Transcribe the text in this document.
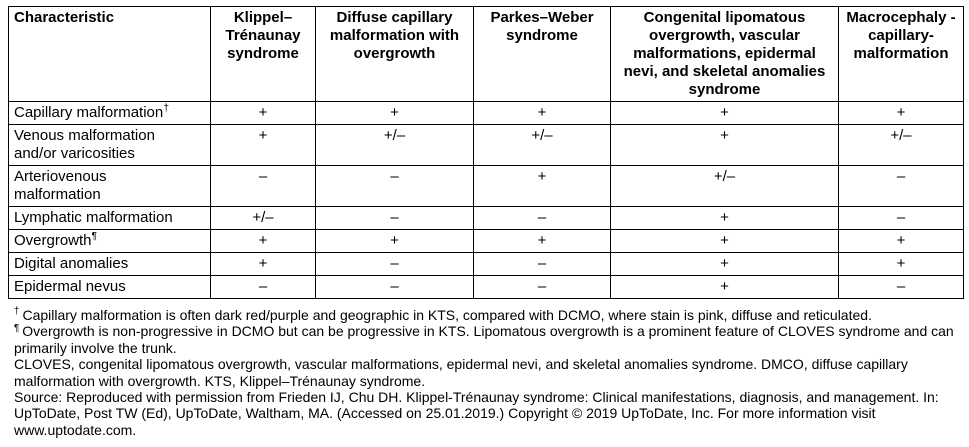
Characteristic	Klippel–Trénaunay syndrome	Diffuse capillary malformation with overgrowth	Parkes–Weber syndrome	Congenital lipomatous overgrowth, vascular malformations, epidermal nevi, and skeletal anomalies syndrome	Macrocephaly -capillary- malformation
Capillary malformation†	+	+	+	+	+
Venous malformation and/or varicosities	+	+/–	+/–	+	+/–
Arteriovenous malformation	–	–	+	+/–	–
Lymphatic malformation	+/–	–	–	+	–
Overgrowth¶	+	+	+	+	+
Digital anomalies	+	–	–	+	+
Epidermal nevus	–	–	–	+	–
† Capillary malformation is often dark red/purple and geographic in KTS, compared with DCMO, where stain is pink, diffuse and reticulated.
¶ Overgrowth is non-progressive in DCMO but can be progressive in KTS. Lipomatous overgrowth is a prominent feature of CLOVES syndrome and can primarily involve the trunk.
CLOVES, congenital lipomatous overgrowth, vascular malformations, epidermal nevi, and skeletal anomalies syndrome. DMCO, diffuse capillary malformation with overgrowth. KTS, Klippel–Trénaunay syndrome.
Source: Reproduced with permission from Frieden IJ, Chu DH. Klippel-Trénaunay syndrome: Clinical manifestations, diagnosis, and management. In: UpToDate, Post TW (Ed), UpToDate, Waltham, MA. (Accessed on 25.01.2019.) Copyright © 2019 UpToDate, Inc. For more information visit www.uptodate.com.
